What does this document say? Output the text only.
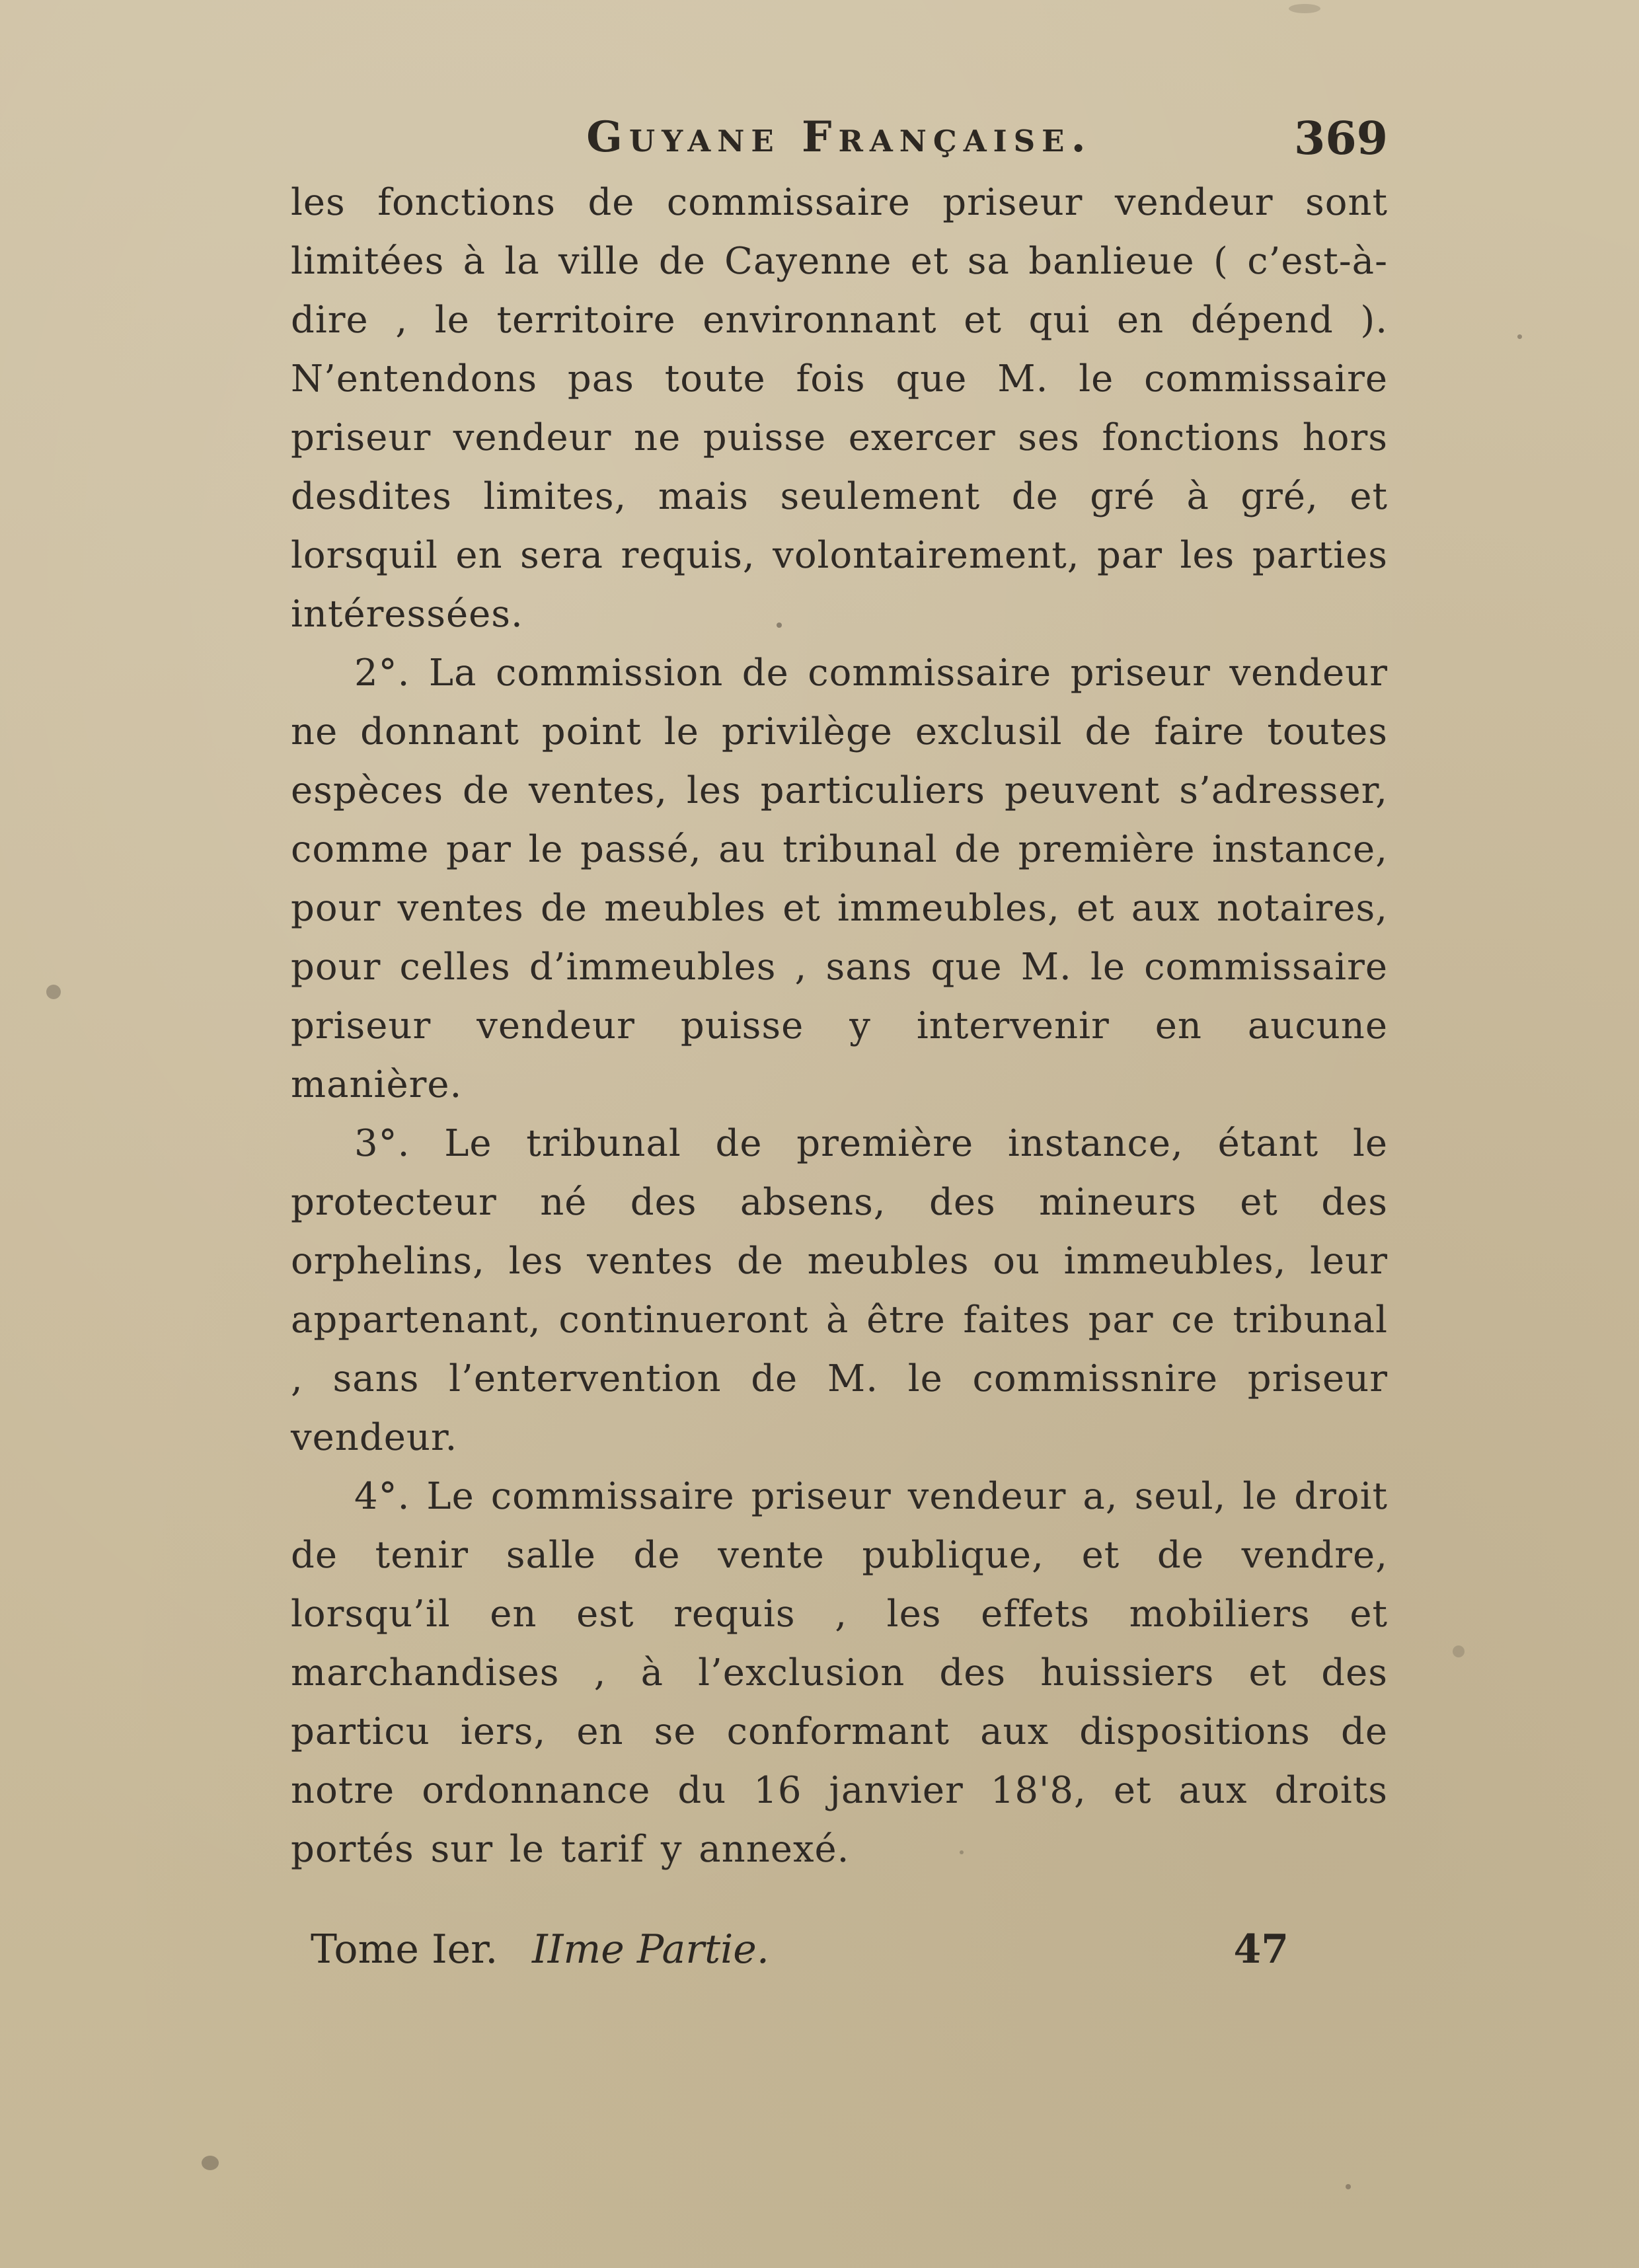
Guyane Française.	369

les fonctions de commissaire priseur vendeur sont limitées à la ville de Cayenne et sa banlieue ( c’est-à-dire , le territoire environnant et qui en dépend ). N’entendons pas toute fois que M. le commissaire priseur vendeur ne puisse exercer ses fonctions hors desdites limites, mais seulement de gré à gré, et lorsquil en sera requis, volontairement, par les parties intéressées.

2°. La commission de commissaire priseur vendeur ne donnant point le privilège exclusil de faire toutes espèces de ventes, les particuliers peuvent s’adresser, comme par le passé, au tribunal de première instance, pour ventes de meubles et immeubles, et aux notaires, pour celles d’immeubles , sans que M. le commissaire priseur vendeur puisse y intervenir en aucune manière.

3°. Le tribunal de première instance, étant le protecteur né des absens, des mineurs et des orphelins, les ventes de meubles ou immeubles, leur appartenant, continueront à être faites par ce tribunal , sans l’entervention de M. le commissnire priseur vendeur.

4°. Le commissaire priseur vendeur a, seul, le droit de tenir salle de vente publique, et de vendre, lorsqu’il en est requis , les effets mobiliers et marchandises , à l’exclusion des huissiers et des particu iers, en se conformant aux dispositions de notre ordonnance du 16 janvier 18'8, et aux droits portés sur le tarif y annexé.

Tome Ier. IIme Partie.	47
